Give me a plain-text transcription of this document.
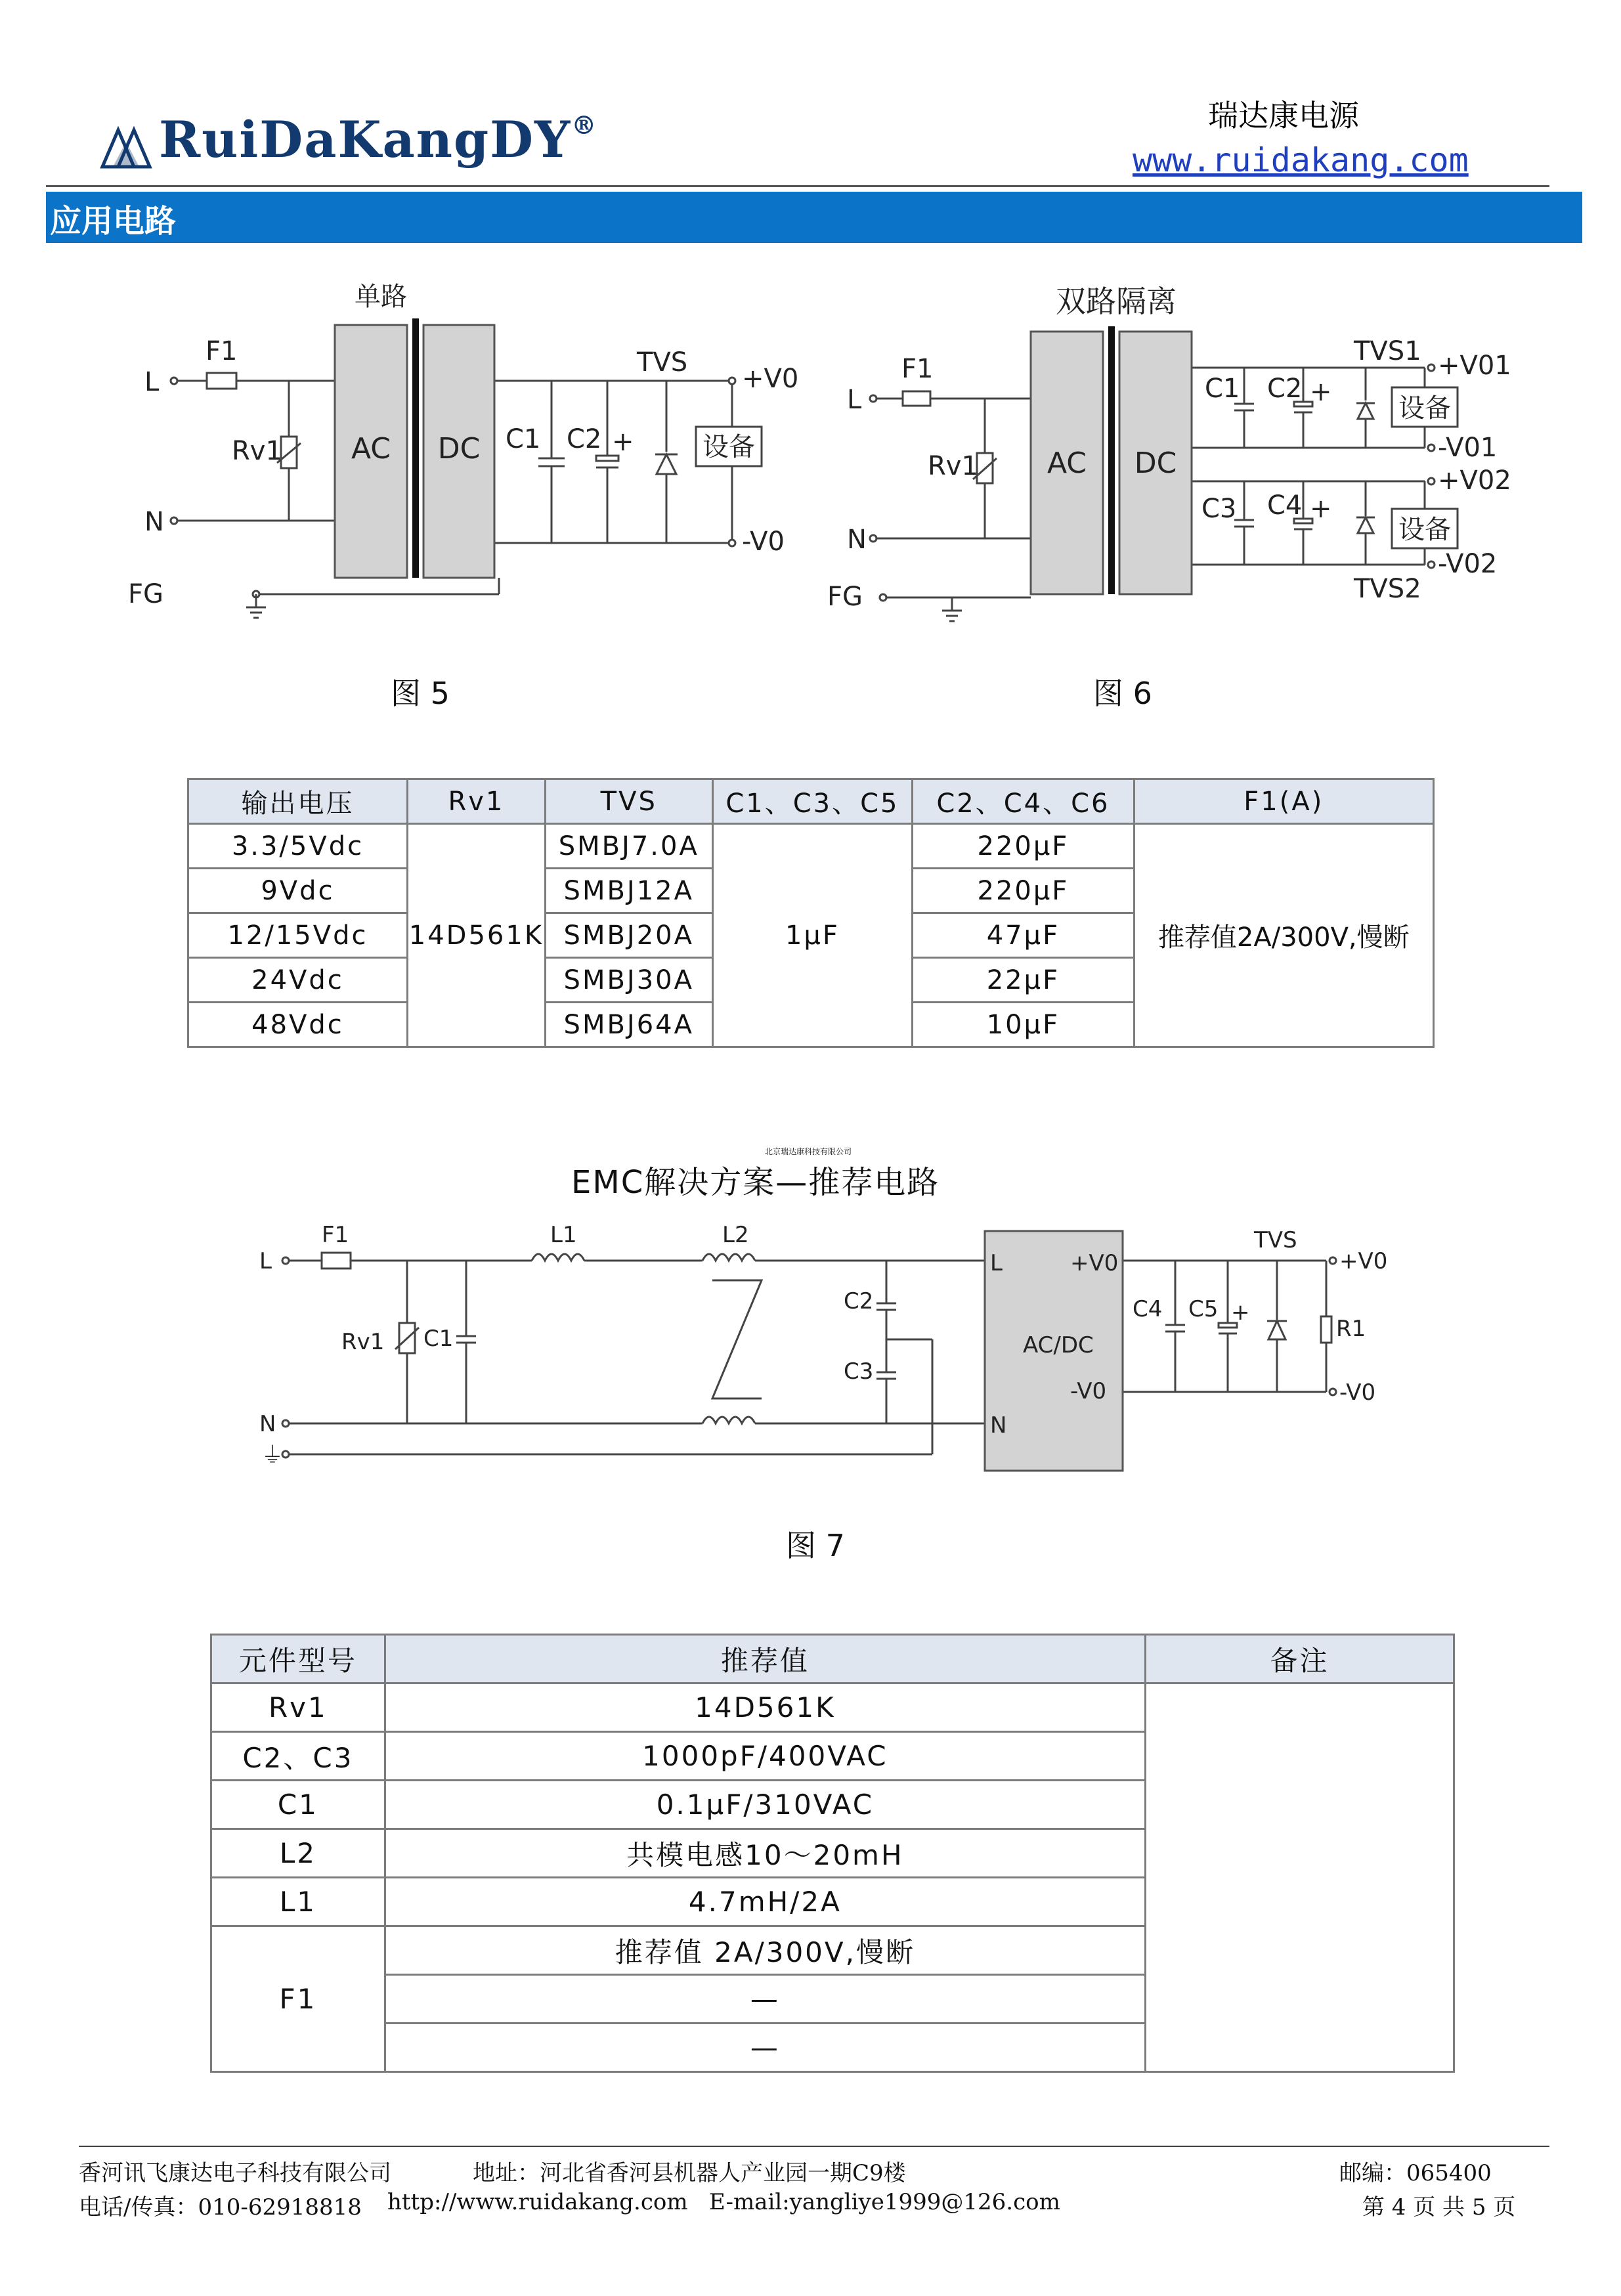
RuiDaKangDY®	瑞达康电源
www.ruidakang.com
应用电路
单路
L
N
FG
F1
Rv1 AC DC C1 C2 +
TVS
+V0
-V0
设备
图 5
双路隔离
L
N
FG
F1
Rv1 AC DC
C1 C2 +
C3 C4 +
TVS1
TVS2
+V01
-V01
+V02
-V02
设备
设备
图 6
输出电压	Rv1	TVS	C1、C3、C5	C2、C4、C6	F1(A)
3.3/5Vdc	14D561K	SMBJ7.0A	1μF	220μF	推荐值2A/300V,慢断
9Vdc		SMBJ12A		220μF	
12/15Vdc		SMBJ20A		47μF	
24Vdc		SMBJ30A		22μF	
48Vdc		SMBJ64A		10μF	
北京瑞达康科技有限公司
EMC解决方案—推荐电路
L
N
⏚
F1
Rv1 C1
L1	L2
C2
C3
L
N
AC/DC
+V0
-V0
C4 C5 +
TVS
R1
+V0
-V0
图 7
元件型号	推荐值	备注
Rv1	14D561K	
C2、C3	1000pF/400VAC	
C1	0.1μF/310VAC	
L2	共模电感10～20mH	
L1	4.7mH/2A	
F1	推荐值 2A/300V,慢断	
	—	
	—	
香河讯飞康达电子科技有限公司	地址：河北省香河县机器人产业园一期C9楼	邮编：065400
电话/传真：010-62918818 http://www.ruidakang.com E-mail:yangliye1999@126.com	第 4 页 共 5 页
